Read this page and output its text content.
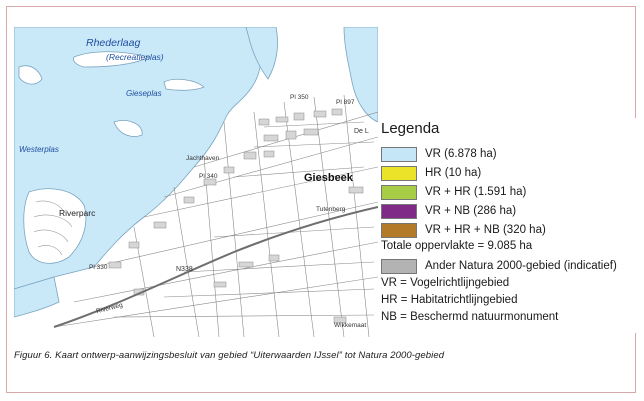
Rhederlaag
(Recreatieplas)
Gieseplas
Westerplas
Riverparc
Giesbeek
Jachthaven
Pl 340
Pl 350
Pl 897
Pl 330	N338
Tutenberg
Riverweg
Wikkemaat
De L Legenda
VR (6.878 ha)
HR (10 ha)
VR + HR (1.591 ha)
VR + NB (286 ha)
VR + HR + NB (320 ha)
Totale oppervlakte = 9.085 ha
Ander Natura 2000-gebied (indicatief)
VR = Vogelrichtlijngebied
HR = Habitatrichtlijngebied
NB = Beschermd natuurmonument
Figuur 6. Kaart ontwerp-aanwijzingsbesluit van gebied “Uiterwaarden IJssel” tot Natura 2000-gebied
